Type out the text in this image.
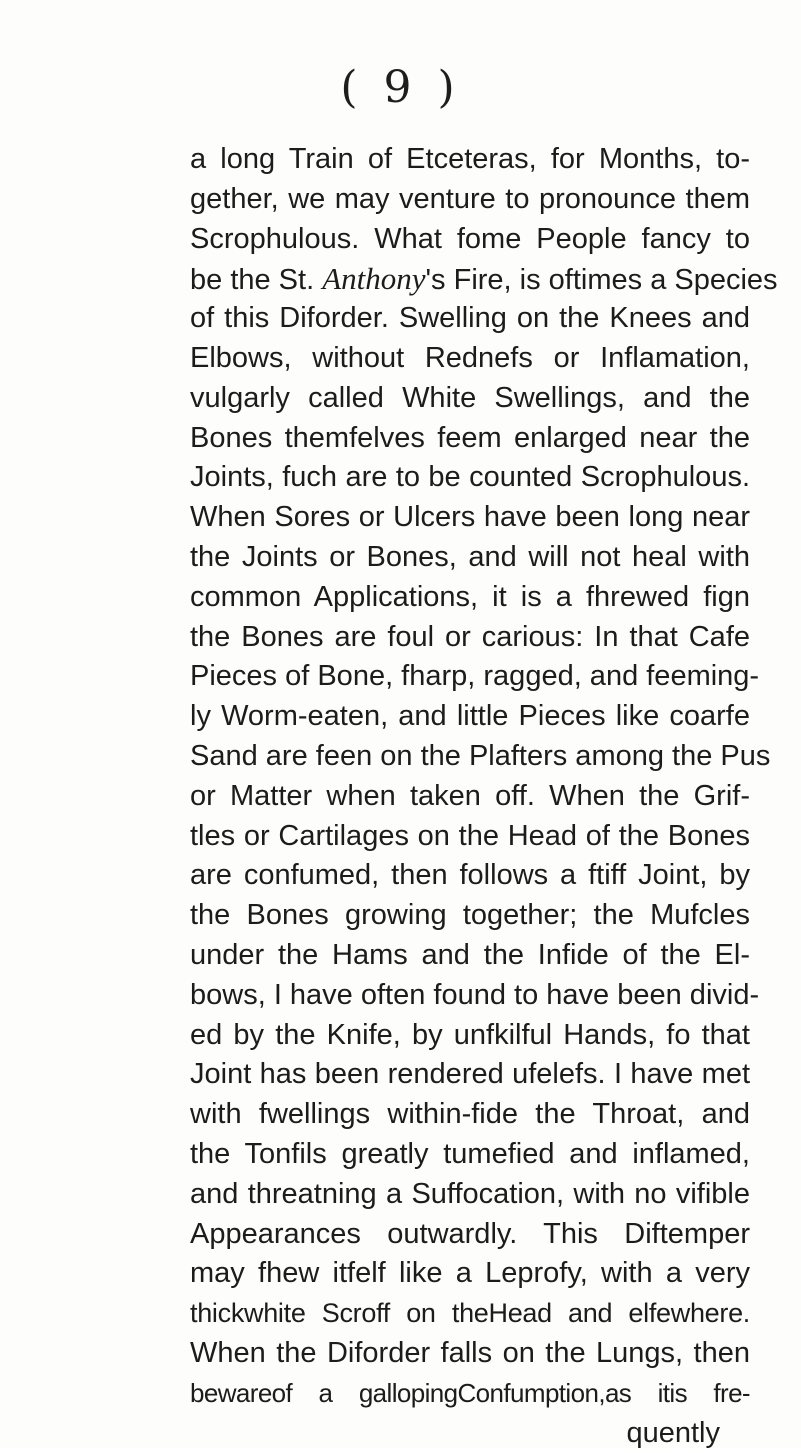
( 9 )
a long Train of Etceteras, for Months, to-
gether, we may venture to pronounce them
Scrophulous. What fome People fancy to
be the St. Anthony's Fire, is oftimes a Species
of this Diforder. Swelling on the Knees and
Elbows, without Rednefs or Inflamation,
vulgarly called White Swellings, and the
Bones themfelves feem enlarged near the
Joints, fuch are to be counted Scrophulous.
When Sores or Ulcers have been long near
the Joints or Bones, and will not heal with
common Applications, it is a fhrewed fign
the Bones are foul or carious: In that Cafe
Pieces of Bone, fharp, ragged, and feeming-
ly Worm-eaten, and little Pieces like coarfe
Sand are feen on the Plafters among the Pus
or Matter when taken off. When the Grif-
tles or Cartilages on the Head of the Bones
are confumed, then follows a ftiff Joint, by
the Bones growing together; the Mufcles
under the Hams and the Infide of the El-
bows, I have often found to have been divid-
ed by the Knife, by unfkilful Hands, fo that
Joint has been rendered ufelefs. I have met
with fwellings within-fide the Throat, and
the Tonfils greatly tumefied and inflamed,
and threatning a Suffocation, with no vifible
Appearances outwardly. This Diftemper
may fhew itfelf like a Leprofy, with a very
thickwhite Scroff on theHead and elfewhere.
When the Diforder falls on the Lungs, then
bewareof a gallopingConfumption,as itis fre-
quently
